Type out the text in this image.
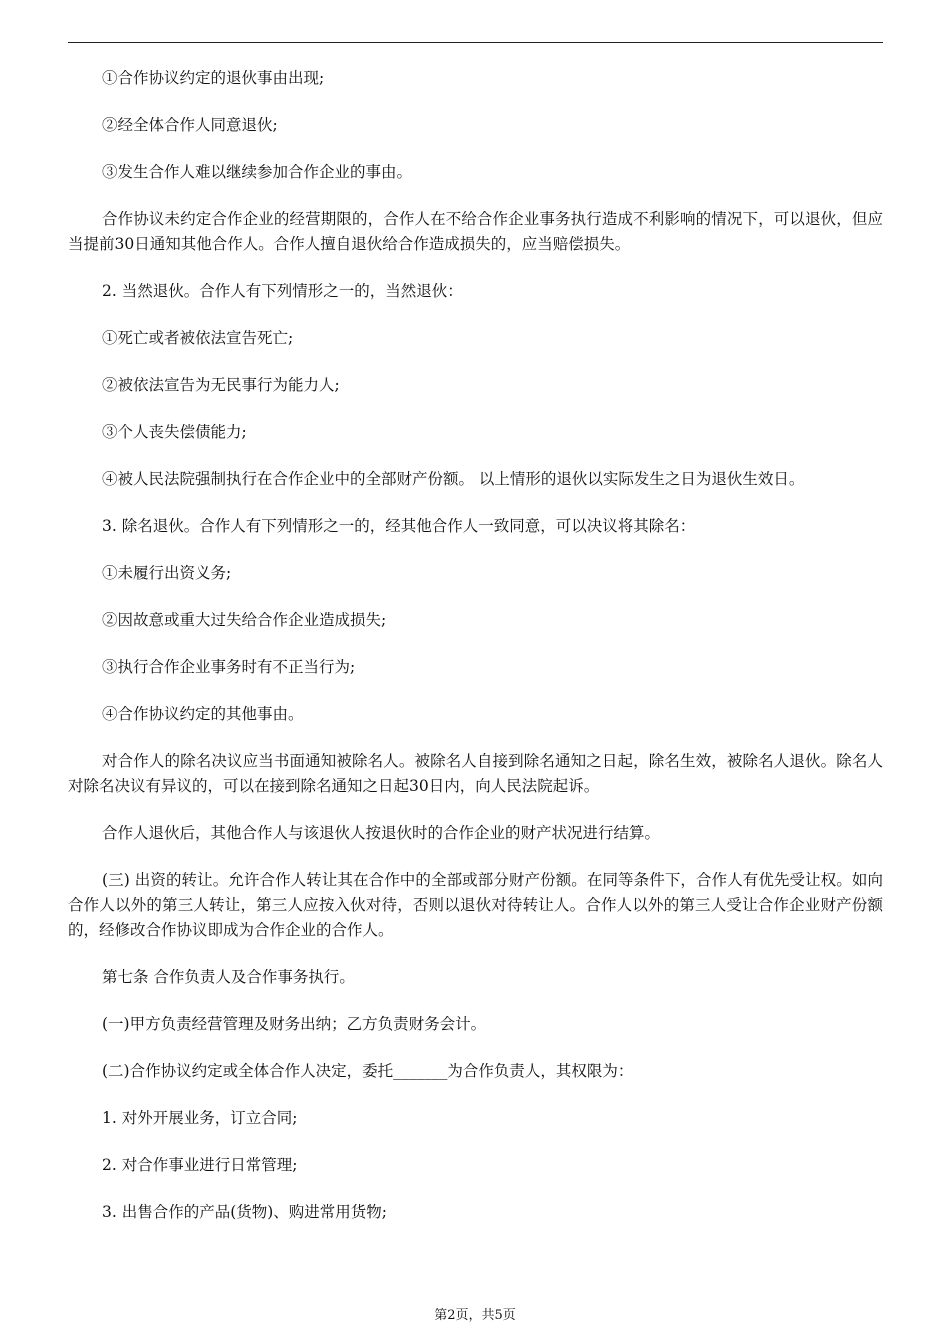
①合作协议约定的退伙事由出现;

②经全体合作人同意退伙;

③发生合作人难以继续参加合作企业的事由。

合作协议未约定合作企业的经营期限的，合作人在不给合作企业事务执行造成不利影响的情况下，可以退伙，但应当提前30日通知其他合作人。合作人擅自退伙给合作造成损失的，应当赔偿损失。

2. 当然退伙。合作人有下列情形之一的，当然退伙：

①死亡或者被依法宣告死亡;

②被依法宣告为无民事行为能力人;

③个人丧失偿债能力;

④被人民法院强制执行在合作企业中的全部财产份额。 以上情形的退伙以实际发生之日为退伙生效日。

3. 除名退伙。合作人有下列情形之一的，经其他合作人一致同意，可以决议将其除名：

①未履行出资义务;

②因故意或重大过失给合作企业造成损失;

③执行合作企业事务时有不正当行为;

④合作协议约定的其他事由。

对合作人的除名决议应当书面通知被除名人。被除名人自接到除名通知之日起，除名生效，被除名人退伙。除名人对除名决议有异议的，可以在接到除名通知之日起30日内，向人民法院起诉。

合作人退伙后，其他合作人与该退伙人按退伙时的合作企业的财产状况进行结算。

(三) 出资的转让。允许合作人转让其在合作中的全部或部分财产份额。在同等条件下，合作人有优先受让权。如向合作人以外的第三人转让，第三人应按入伙对待，否则以退伙对待转让人。合作人以外的第三人受让合作企业财产份额的，经修改合作协议即成为合作企业的合作人。

第七条 合作负责人及合作事务执行。

(一)甲方负责经营管理及财务出纳；乙方负责财务会计。

(二)合作协议约定或全体合作人决定，委托_______为合作负责人，其权限为：

1. 对外开展业务，订立合同;

2. 对合作事业进行日常管理;

3. 出售合作的产品(货物)、购进常用货物;

第2页，共5页
